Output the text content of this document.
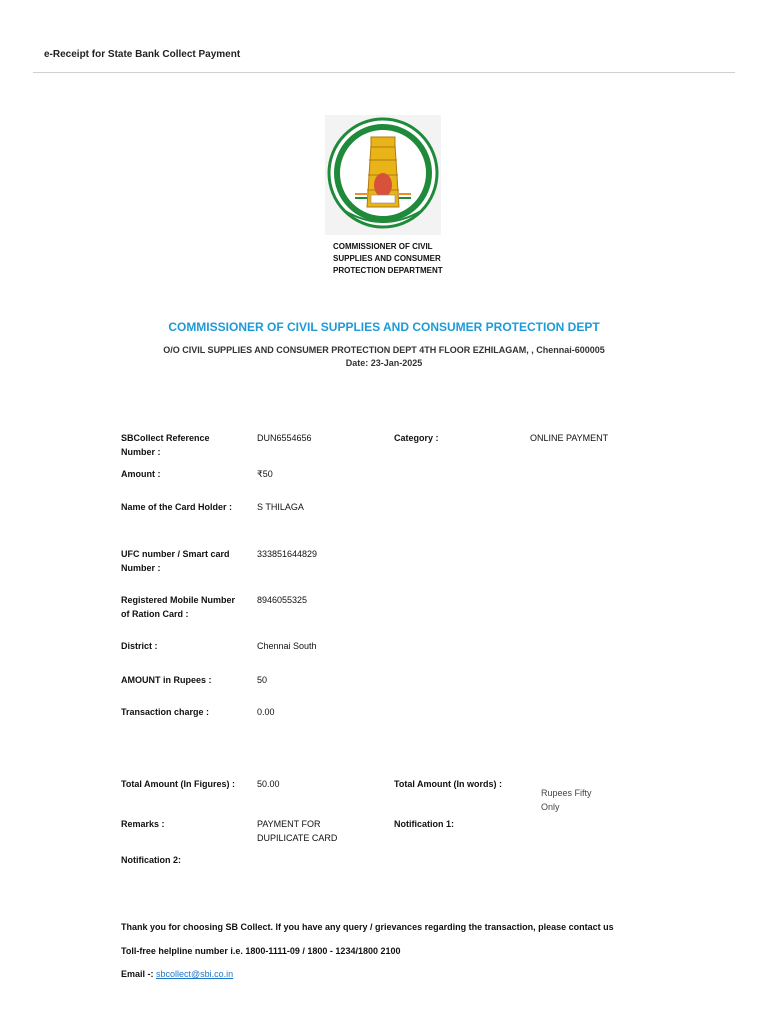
e-Receipt for State Bank Collect Payment
COMMISSIONER OF CIVIL
SUPPLIES AND CONSUMER
PROTECTION DEPARTMENT
COMMISSIONER OF CIVIL SUPPLIES AND CONSUMER PROTECTION DEPT
O/O CIVIL SUPPLIES AND CONSUMER PROTECTION DEPT 4TH FLOOR EZHILAGAM, , Chennai-600005
Date: 23-Jan-2025
SBCollect Reference Number :
DUN6554656	Category :	ONLINE PAYMENT
Amount :	₹50
Name of the Card Holder :	S THILAGA
UFC number / Smart card Number :
333851644829
Registered Mobile Number of Ration Card :
8946055325
District :	Chennai South
AMOUNT in Rupees :	50
Transaction charge :	0.00
Total Amount (In Figures) :	50.00	Total Amount (In words) :
Rupees Fifty Only
Remarks :	PAYMENT FOR DUPILICATE CARD
Notification 1:
Notification 2:
Thank you for choosing SB Collect. If you have any query / grievances regarding the transaction, please contact us
Toll-free helpline number i.e. 1800-1111-09 / 1800 - 1234/1800 2100
Email -: sbcollect@sbi.co.in
